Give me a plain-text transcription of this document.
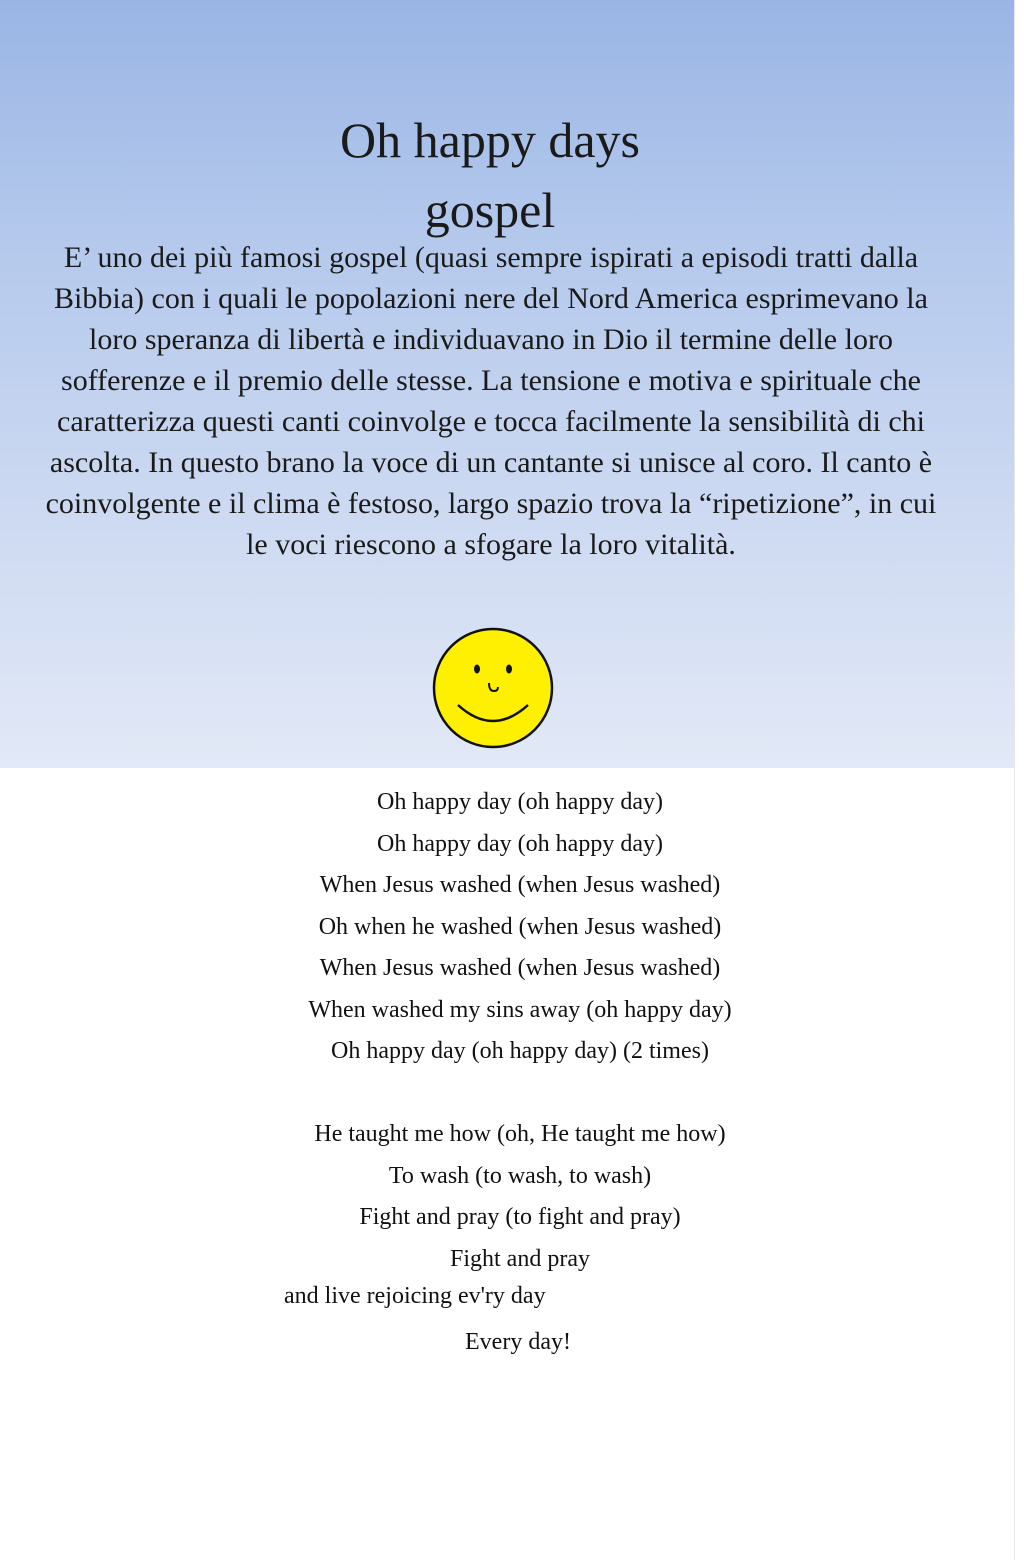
Oh happy days
gospel
E’ uno dei più famosi gospel (quasi sempre ispirati a episodi tratti dalla Bibbia) con i quali le popolazioni nere del Nord America esprimevano la loro speranza di libertà e individuavano in Dio il termine delle loro sofferenze e il premio delle stesse. La tensione e motiva e spirituale che caratterizza questi canti coinvolge e tocca facilmente la sensibilità di chi ascolta. In questo brano la voce di un cantante si unisce al coro. Il canto è coinvolgente e il clima è festoso, largo spazio trova la “ripetizione”, in cui le voci riescono a sfogare la loro vitalità.
Oh happy day (oh happy day)
Oh happy day (oh happy day)
When Jesus washed (when Jesus washed)
Oh when he washed (when Jesus washed)
When Jesus washed (when Jesus washed)
When washed my sins away (oh happy day)
Oh happy day (oh happy day) (2 times)
He taught me how (oh, He taught me how)
To wash (to wash, to wash)
Fight and pray (to fight and pray)
Fight and pray
and live rejoicing ev'ry day
Every day!
